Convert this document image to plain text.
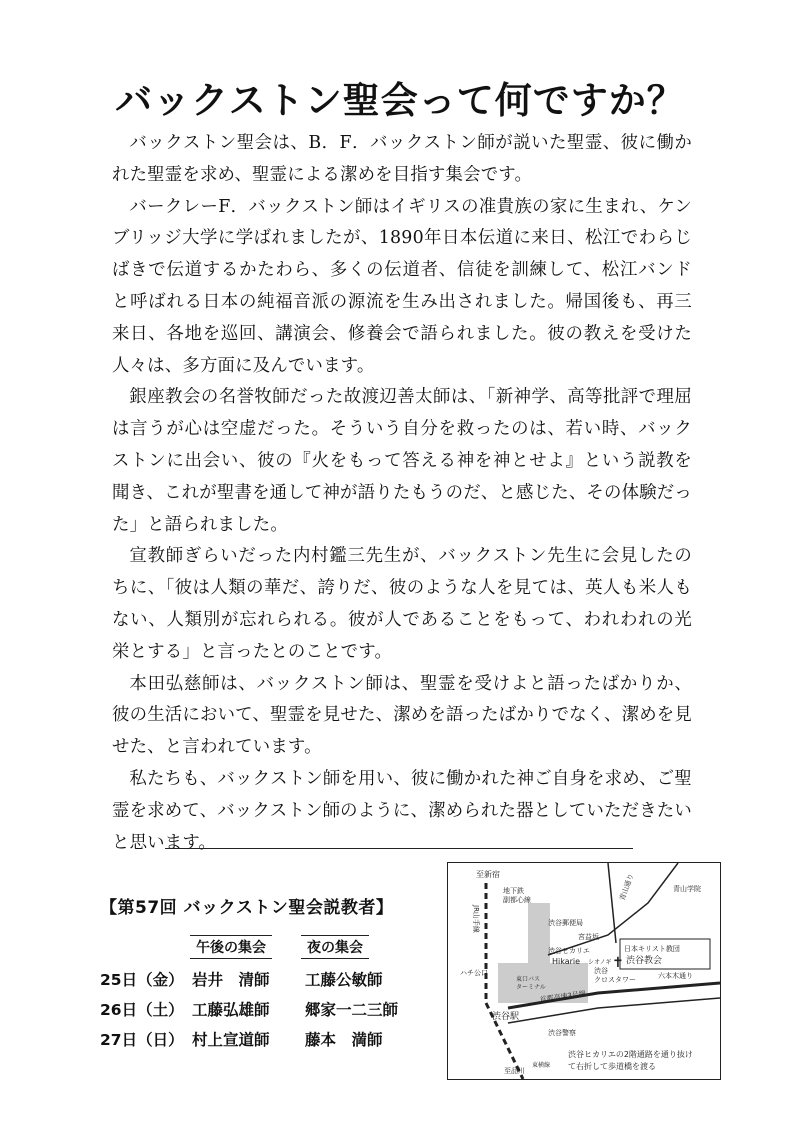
バックストン聖会って何ですか？

バックストン聖会は、B．F．バックストン師が説いた聖霊、彼に働かれた聖霊を求め、聖霊による潔めを目指す集会です。

バークレーF．バックストン師はイギリスの准貴族の家に生まれ、ケンブリッジ大学に学ばれましたが、1890年日本伝道に来日、松江でわらじばきで伝道するかたわら、多くの伝道者、信徒を訓練して、松江バンドと呼ばれる日本の純福音派の源流を生み出されました。帰国後も、再三来日、各地を巡回、講演会、修養会で語られました。彼の教えを受けた人々は、多方面に及んでいます。

銀座教会の名誉牧師だった故渡辺善太師は、「新神学、高等批評で理屈は言うが心は空虚だった。そういう自分を救ったのは、若い時、バックストンに出会い、彼の『火をもって答える神を神とせよ』という説教を聞き、これが聖書を通して神が語りたもうのだ、と感じた、その体験だった」と語られました。

宣教師ぎらいだった内村鑑三先生が、バックストン先生に会見したのちに、「彼は人類の華だ、誇りだ、彼のような人を見ては、英人も米人もない、人類別が忘れられる。彼が人であることをもって、われわれの光栄とする」と言ったとのことです。

本田弘慈師は、バックストン師は、聖霊を受けよと語ったばかりか、彼の生活において、聖霊を見せた、潔めを語ったばかりでなく、潔めを見せた、と言われています。

私たちも、バックストン師を用い、彼に働かれた神ご自身を求め、ご聖霊を求めて、バックストン師のように、潔められた器としていただきたいと思います。

【第57回 バックストン聖会説教者】
午後の集会	夜の集会
25日（金） 岩井　清師 工藤公敏師
26日（土） 工藤弘雄師 郷家一二三師
27日（日） 村上宣道師 藤本　満師
✝
至新宿
地下鉄
副都心線
JR山手線
青山学院
渋谷郵便局
宮益坂
青山通り
日本キリスト教団
渋谷教会
渋谷ヒカリエ
Hikarie シオノギ
渋谷
クロスタワー
ハチ公口
東口バス
ターミナル
首都高速3号線
六本木通り
渋谷駅
渋谷警察
東横線
至品川
渋谷ヒカリエの2階通路を通り抜け
て右折して歩道橋を渡る
